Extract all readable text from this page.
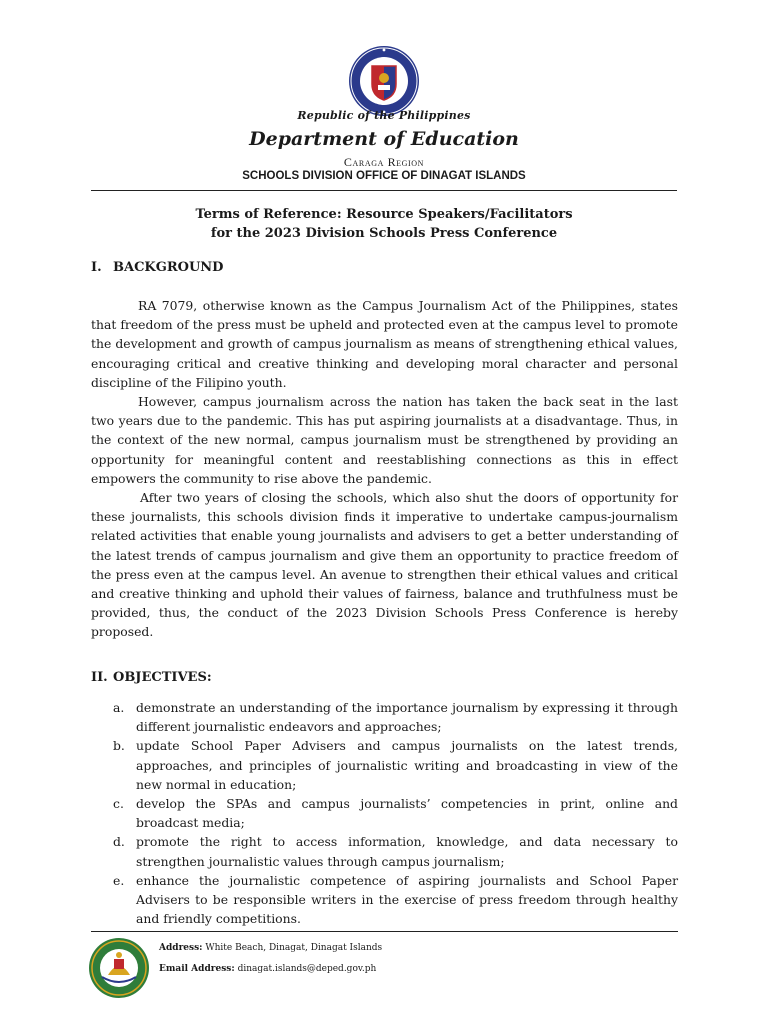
Republic of the Philippines
Department of Education
Caraga Region
SCHOOLS DIVISION OFFICE OF DINAGAT ISLANDS
Terms of Reference: Resource Speakers/Facilitators
for the 2023 Division Schools Press Conference
I. BACKGROUND

RA 7079, otherwise known as the Campus Journalism Act of the Philippines, states that freedom of the press must be upheld and protected even at the campus level to promote the development and growth of campus journalism as means of strengthening ethical values, encouraging critical and creative thinking and developing moral character and personal discipline of the Filipino youth.

However, campus journalism across the nation has taken the back seat in the last two years due to the pandemic. This has put aspiring journalists at a disadvantage. Thus, in the context of the new normal, campus journalism must be strengthened by providing an opportunity for meaningful content and reestablishing connections as this in effect empowers the community to rise above the pandemic.

After two years of closing the schools, which also shut the doors of opportunity for these journalists, this schools division finds it imperative to undertake campus-journalism related activities that enable young journalists and advisers to get a better understanding of the latest trends of campus journalism and give them an opportunity to practice freedom of the press even at the campus level. An avenue to strengthen their ethical values and critical and creative thinking and uphold their values of fairness, balance and truthfulness must be provided, thus, the conduct of the 2023 Division Schools Press Conference is hereby proposed.

II. OBJECTIVES:
a. demonstrate an understanding of the importance journalism by expressing it through different journalistic endeavors and approaches;
b. update School Paper Advisers and campus journalists on the latest trends, approaches, and principles of journalistic writing and broadcasting in view of the new normal in education;
c. develop the SPAs and campus journalists’ competencies in print, online and broadcast media;
d. promote the right to access information, knowledge, and data necessary to strengthen journalistic values through campus journalism;
e. enhance the journalistic competence of aspiring journalists and School Paper Advisers to be responsible writers in the exercise of press freedom through healthy and friendly competitions.
Address: White Beach, Dinagat, Dinagat Islands
Email Address: dinagat.islands@deped.gov.ph
